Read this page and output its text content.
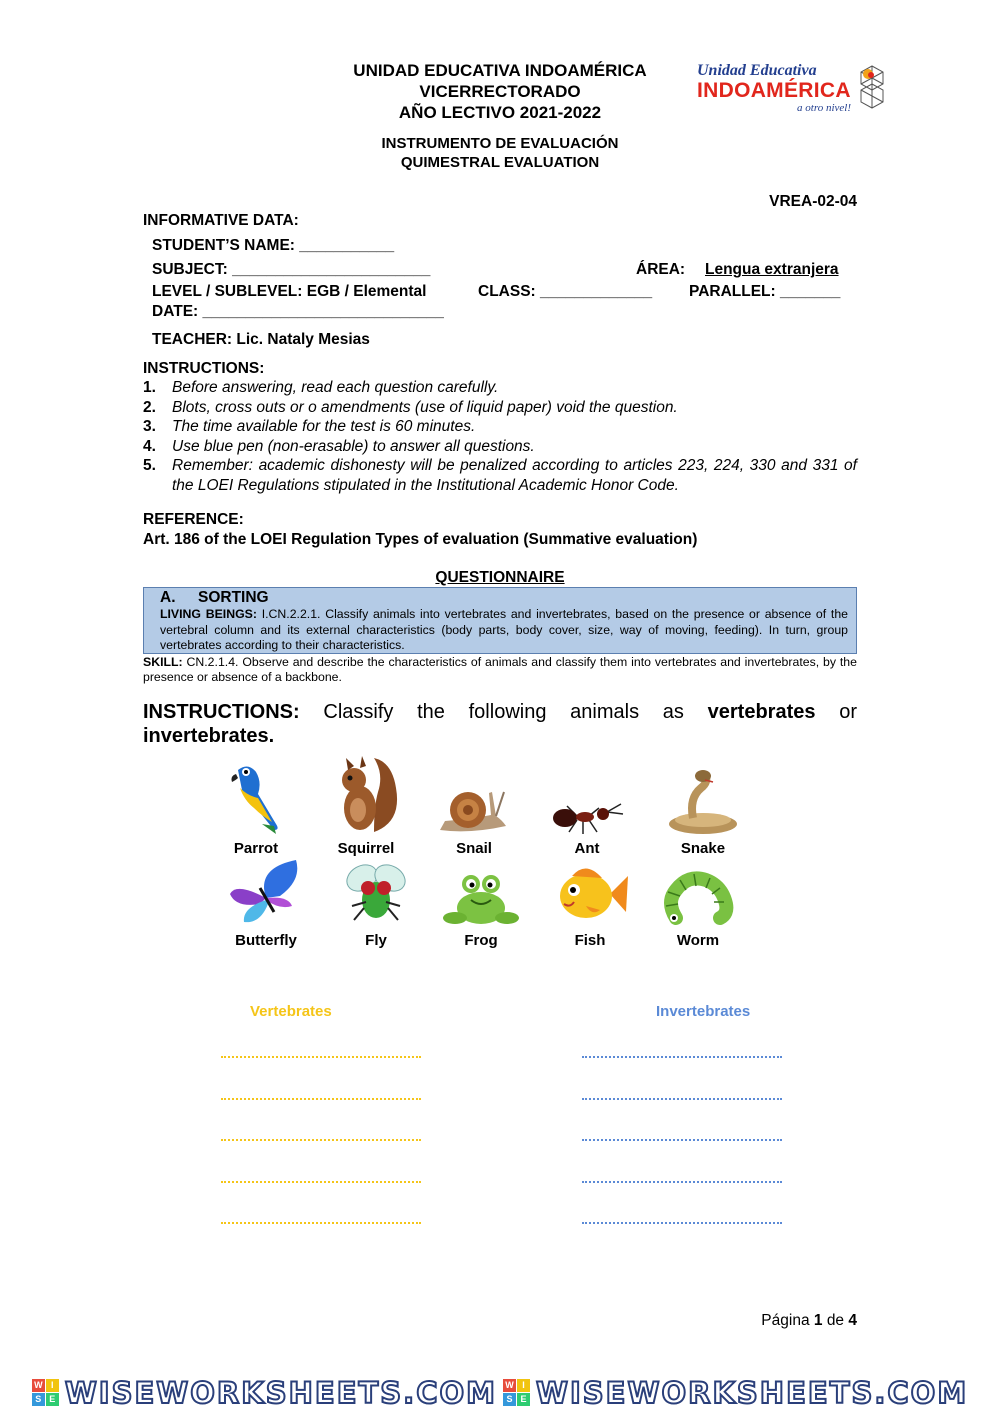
UNIDAD EDUCATIVA INDOAMÉRICA
VICERRECTORADO
AÑO LECTIVO 2021-2022
INSTRUMENTO DE EVALUACIÓN
QUIMESTRAL EVALUATION
Unidad Educativa
INDOAMÉRICA
a otro nivel!
VREA-02-04
INFORMATIVE DATA:
STUDENT’S NAME: ___________
SUBJECT: _______________________	ÁREA: Lengua extranjera
LEVEL / SUBLEVEL: EGB / Elemental	CLASS: _____________ PARALLEL: _______
DATE: ____________________________
TEACHER: Lic. Nataly Mesias
INSTRUCTIONS:
1.	Before answering, read each question carefully.
2.	Blots, cross outs or o amendments (use of liquid paper) void the question.
3.	The time available for the test is 60 minutes.
4.	Use blue pen (non-erasable) to answer all questions.
5.	Remember: academic dishonesty will be penalized according to articles 223, 224, 330 and 331 of the LOEI Regulations stipulated in the Institutional Academic Honor Code.
REFERENCE:
Art. 186 of the LOEI Regulation Types of evaluation (Summative evaluation)
QUESTIONNAIRE
A. SORTING
LIVING BEINGS: I.CN.2.2.1. Classify animals into vertebrates and invertebrates, based on the presence or absence of the vertebral column and its external characteristics (body parts, body cover, size, way of moving, feeding). In turn, group vertebrates according to their characteristics.
SKILL: CN.2.1.4. Observe and describe the characteristics of animals and classify them into vertebrates and invertebrates, by the presence or absence of a backbone.
INSTRUCTIONS: Classify the following animals as vertebrates or
invertebrates.
Parrot	Squirrel	Snail	Ant	Snake
Butterfly	Fly	Frog	Fish	Worm
Vertebrates	Invertebrates
Página 1 de 4
W I
S E WISEWORKSHEETS.COM W I
S E WISEWORKSHEETS.COM
